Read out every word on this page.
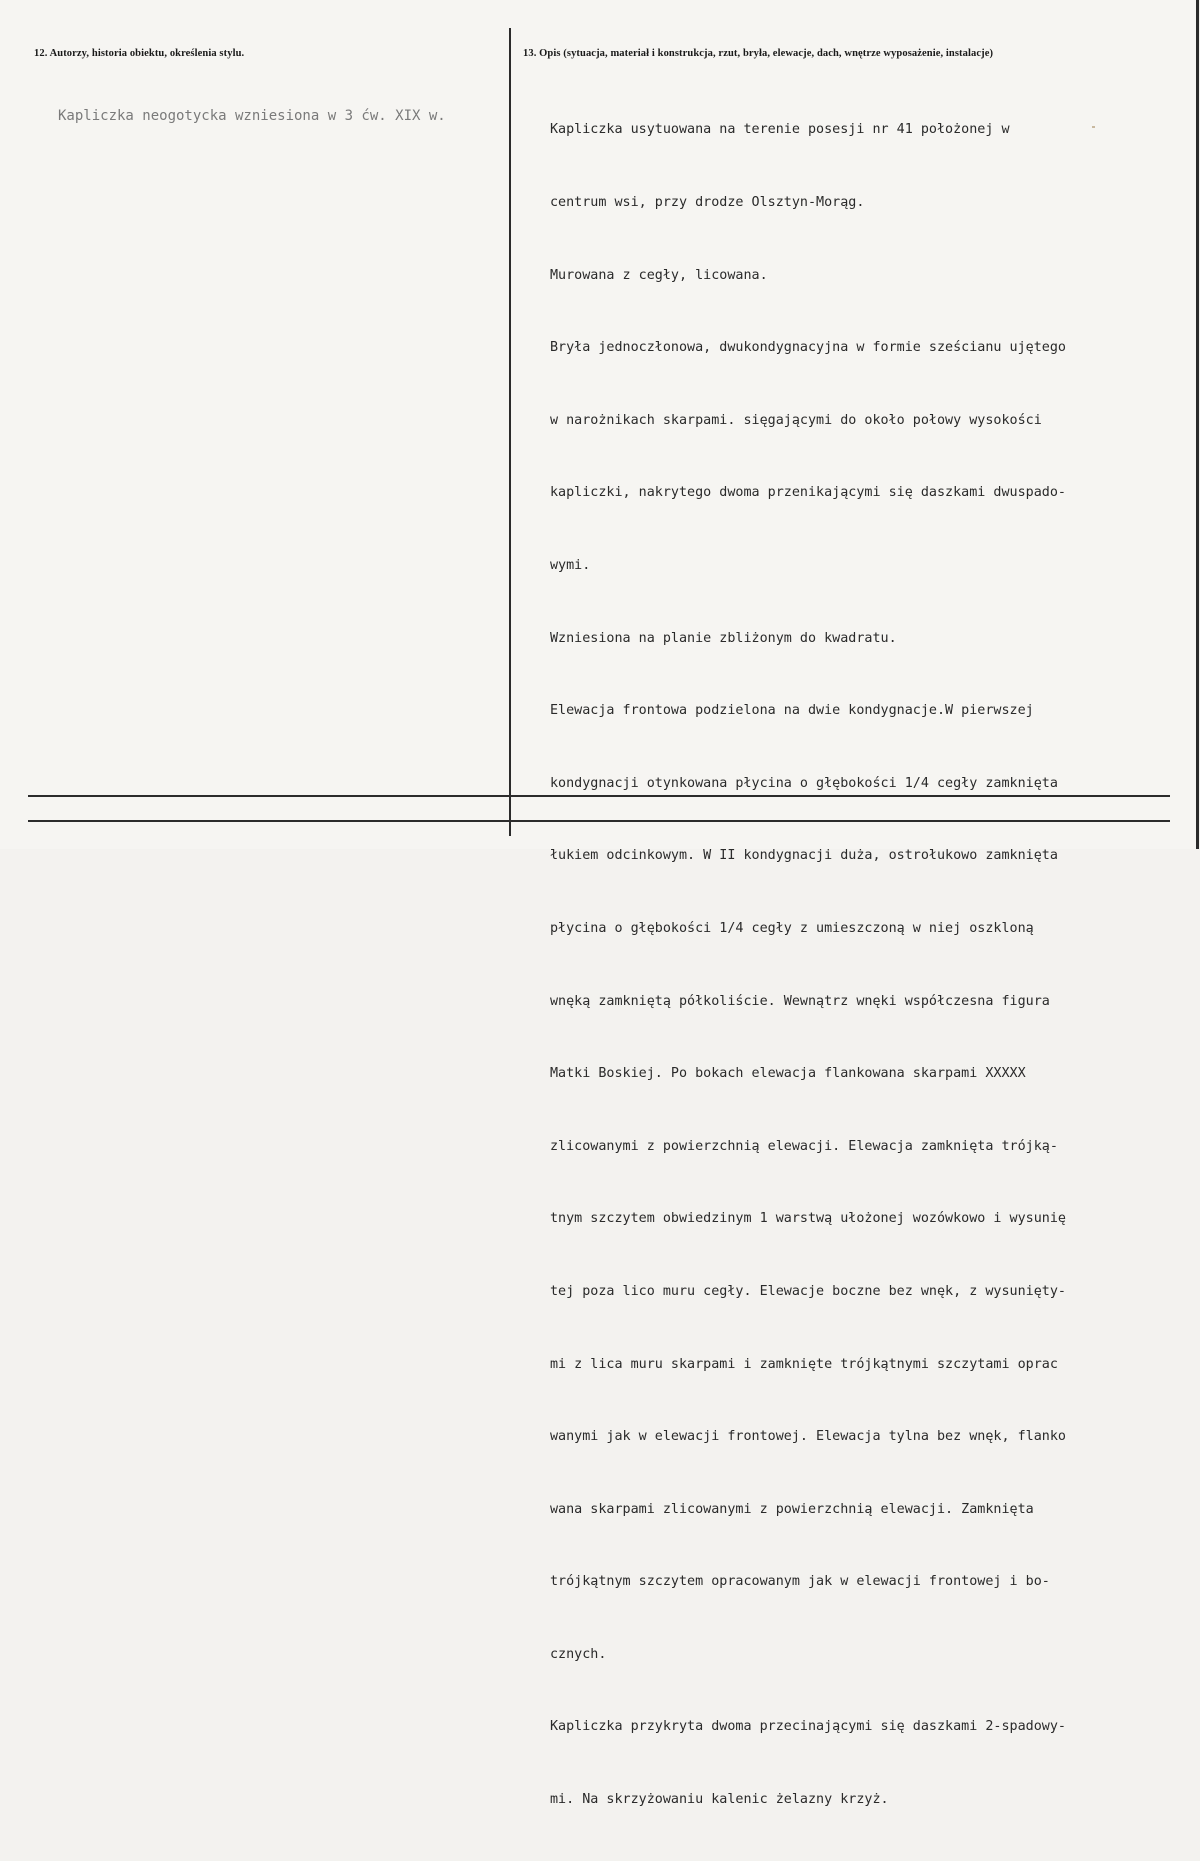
12. Autorzy, historia obiektu, określenia stylu.
Kapliczka neogotycka wzniesiona w 3 ćw. XIX w.
13. Opis (sytuacja, materiał i konstrukcja, rzut, bryła, elewacje, dach, wnętrze wyposażenie, instalacje)

Kapliczka usytuowana na terenie posesji nr 41 położonej w

centrum wsi, przy drodze Olsztyn-Morąg.

Murowana z cegły, licowana.

Bryła jednoczłonowa, dwukondygnacyjna w formie sześcianu ujętego

w narożnikach skarpami. sięgającymi do około połowy wysokości

kapliczki, nakrytego dwoma przenikającymi się daszkami dwuspado-

wymi.

Wzniesiona na planie zbliżonym do kwadratu.

Elewacja frontowa podzielona na dwie kondygnacje.W pierwszej

kondygnacji otynkowana płycina o głębokości 1/4 cegły zamknięta

łukiem odcinkowym. W II kondygnacji duża, ostrołukowo zamknięta

płycina o głębokości 1/4 cegły z umieszczoną w niej oszkloną

wnęką zamkniętą półkoliście. Wewnątrz wnęki współczesna figura

Matki Boskiej. Po bokach elewacja flankowana skarpami XXXXX

zlicowanymi z powierzchnią elewacji. Elewacja zamknięta trójką-

tnym szczytem obwiedzinym 1 warstwą ułożonej wozówkowo i wysunię

tej poza lico muru cegły. Elewacje boczne bez wnęk, z wysunięty-

mi z lica muru skarpami i zamknięte trójkątnymi szczytami oprac

wanymi jak w elewacji frontowej. Elewacja tylna bez wnęk, flanko

wana skarpami zlicowanymi z powierzchnią elewacji. Zamknięta

trójkątnym szczytem opracowanym jak w elewacji frontowej i bo-

cznych.

Kapliczka przykryta dwoma przecinającymi się daszkami 2-spadowy-

mi. Na skrzyżowaniu kalenic żelazny krzyż.
